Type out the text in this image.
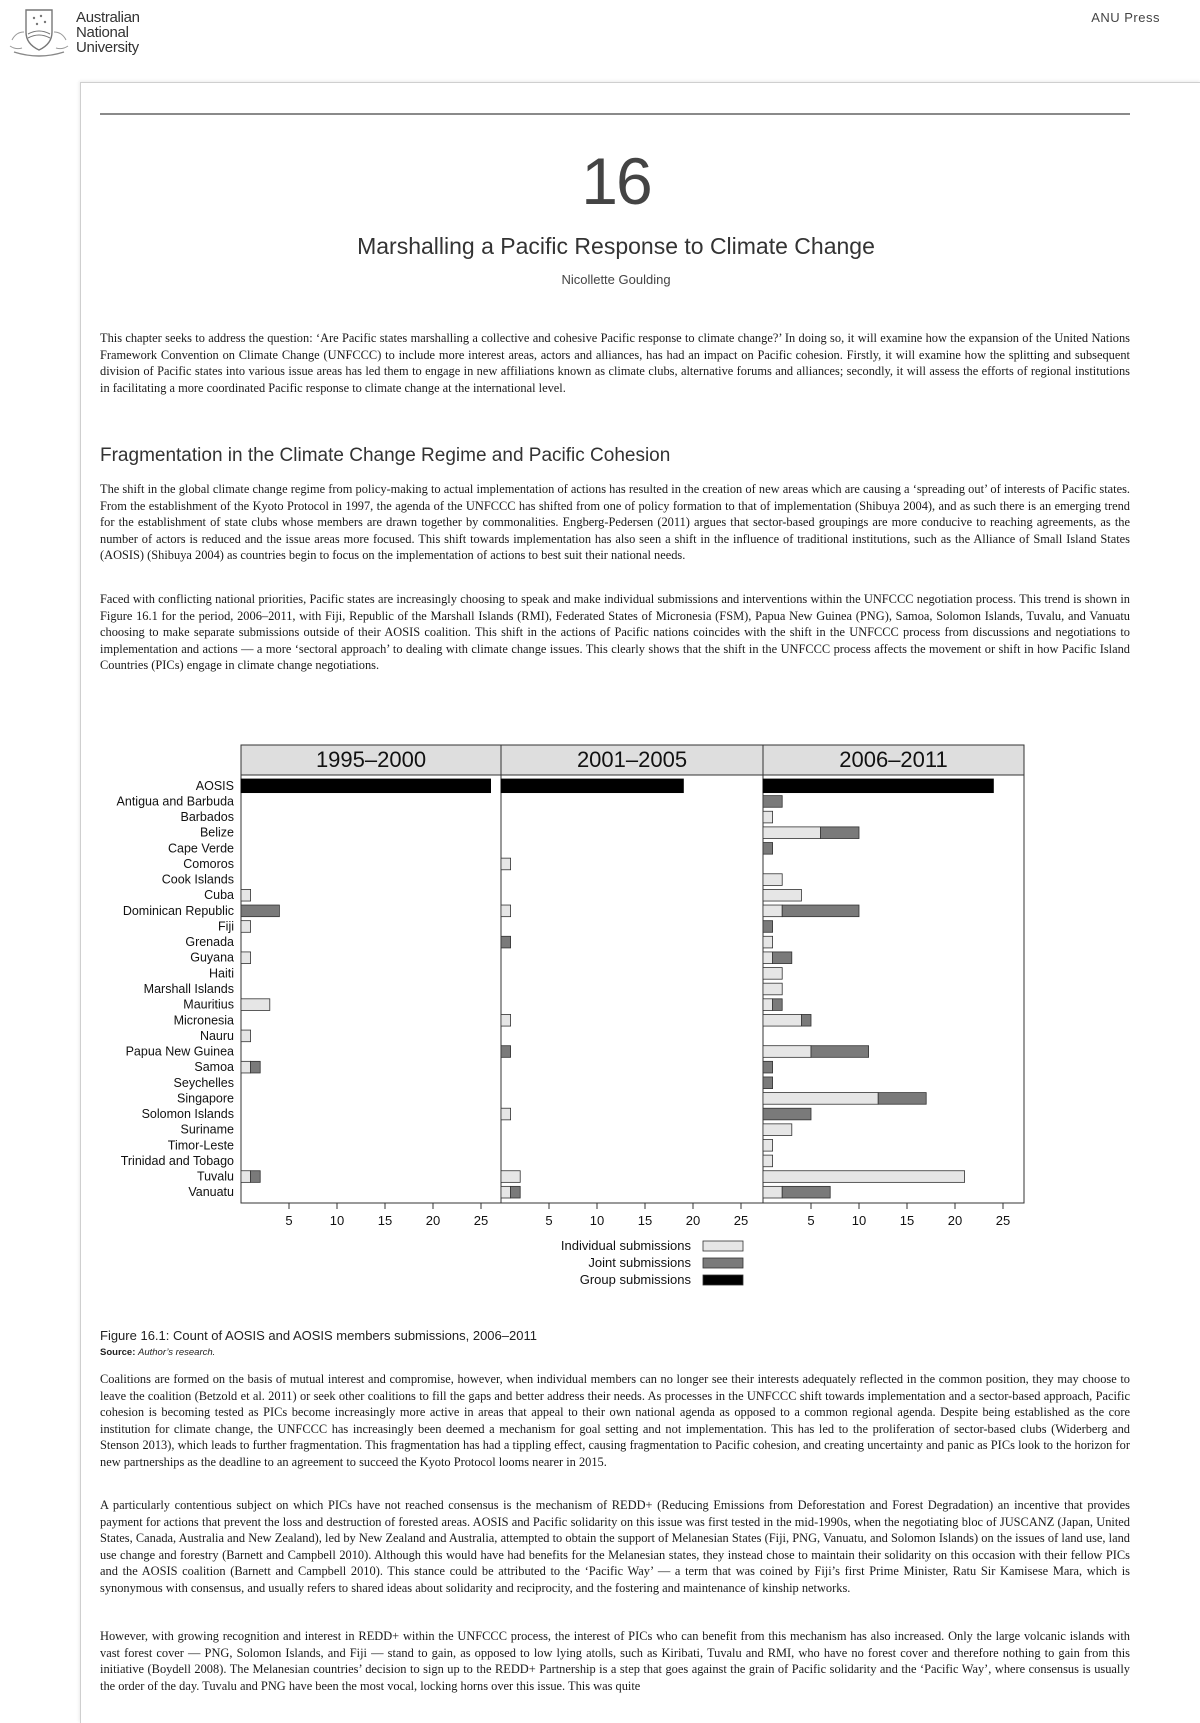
Australian
National
University
ANU Press
16
Marshalling a Pacific Response to Climate Change
Nicollette Goulding

This chapter seeks to address the question: ‘Are Pacific states marshalling a collective and cohesive Pacific response to climate change?’ In doing so, it will examine how the expansion of the United Nations Framework Convention on Climate Change (UNFCCC) to include more interest areas, actors and alliances, has had an impact on Pacific cohesion. Firstly, it will examine how the splitting and subsequent division of Pacific states into various issue areas has led them to engage in new affiliations known as climate clubs, alternative forums and alliances; secondly, it will assess the efforts of regional institutions in facilitating a more coordinated Pacific response to climate change at the international level.

Fragmentation in the Climate Change Regime and Pacific Cohesion

The shift in the global climate change regime from policy-making to actual implementation of actions has resulted in the creation of new areas which are causing a ‘spreading out’ of interests of Pacific states. From the establishment of the Kyoto Protocol in 1997, the agenda of the UNFCCC has shifted from one of policy formation to that of implementation (Shibuya 2004), and as such there is an emerging trend for the establishment of state clubs whose members are drawn together by commonalities. Engberg-Pedersen (2011) argues that sector-based groupings are more conducive to reaching agreements, as the number of actors is reduced and the issue areas more focused. This shift towards implementation has also seen a shift in the influence of traditional institutions, such as the Alliance of Small Island States (AOSIS) (Shibuya 2004) as countries begin to focus on the implementation of actions to best suit their national needs.

Faced with conflicting national priorities, Pacific states are increasingly choosing to speak and make individual submissions and interventions within the UNFCCC negotiation process. This trend is shown in Figure 16.1 for the period, 2006–2011, with Fiji, Republic of the Marshall Islands (RMI), Federated States of Micronesia (FSM), Papua New Guinea (PNG), Samoa, Solomon Islands, Tuvalu, and Vanuatu choosing to make separate submissions outside of their AOSIS coalition. This shift in the actions of Pacific nations coincides with the shift in the UNFCCC process from discussions and negotiations to implementation and actions — a more ‘sectoral approach’ to dealing with climate change issues. This clearly shows that the shift in the UNFCCC process affects the movement or shift in how Pacific Island Countries (PICs) engage in climate change negotiations.

1995–2000	2001–2005	2006–2011
AOSIS
Antigua and Barbuda
Barbados
Belize
Cape Verde
Comoros
Cook Islands
Cuba
Dominican Republic
Fiji
Grenada
Guyana
Haiti
Marshall Islands
Mauritius
Micronesia
Nauru
Papua New Guinea
Samoa
Seychelles
Singapore
Solomon Islands
Suriname
Timor-Leste
Trinidad and Tobago
Tuvalu
Vanuatu
5	10	15	20	25	5	10	15	20	25	5	10	15	20	25
Individual submissions
Joint submissions
Group submissions
Figure 16.1: Count of AOSIS and AOSIS members submissions, 2006–2011
Source: Author’s research.

Coalitions are formed on the basis of mutual interest and compromise, however, when individual members can no longer see their interests adequately reflected in the common position, they may choose to leave the coalition (Betzold et al. 2011) or seek other coalitions to fill the gaps and better address their needs. As processes in the UNFCCC shift towards implementation and a sector-based approach, Pacific cohesion is becoming tested as PICs become increasingly more active in areas that appeal to their own national agenda as opposed to a common regional agenda. Despite being established as the core institution for climate change, the UNFCCC has increasingly been deemed a mechanism for goal setting and not implementation. This has led to the proliferation of sector-based clubs (Widerberg and Stenson 2013), which leads to further fragmentation. This fragmentation has had a tippling effect, causing fragmentation to Pacific cohesion, and creating uncertainty and panic as PICs look to the horizon for new partnerships as the deadline to an agreement to succeed the Kyoto Protocol looms nearer in 2015.

A particularly contentious subject on which PICs have not reached consensus is the mechanism of REDD+ (Reducing Emissions from Deforestation and Forest Degradation) an incentive that provides payment for actions that prevent the loss and destruction of forested areas. AOSIS and Pacific solidarity on this issue was first tested in the mid-1990s, when the negotiating bloc of JUSCANZ (Japan, United States, Canada, Australia and New Zealand), led by New Zealand and Australia, attempted to obtain the support of Melanesian States (Fiji, PNG, Vanuatu, and Solomon Islands) on the issues of land use, land use change and forestry (Barnett and Campbell 2010). Although this would have had benefits for the Melanesian states, they instead chose to maintain their solidarity on this occasion with their fellow PICs and the AOSIS coalition (Barnett and Campbell 2010). This stance could be attributed to the ‘Pacific Way’ — a term that was coined by Fiji’s first Prime Minister, Ratu Sir Kamisese Mara, which is synonymous with consensus, and usually refers to shared ideas about solidarity and reciprocity, and the fostering and maintenance of kinship networks.

However, with growing recognition and interest in REDD+ within the UNFCCC process, the interest of PICs who can benefit from this mechanism has also increased. Only the large volcanic islands with vast forest cover — PNG, Solomon Islands, and Fiji — stand to gain, as opposed to low lying atolls, such as Kiribati, Tuvalu and RMI, who have no forest cover and therefore nothing to gain from this initiative (Boydell 2008). The Melanesian countries’ decision to sign up to the REDD+ Partnership is a step that goes against the grain of Pacific solidarity and the ‘Pacific Way’, where consensus is usually the order of the day. Tuvalu and PNG have been the most vocal, locking horns over this issue. This was quite
